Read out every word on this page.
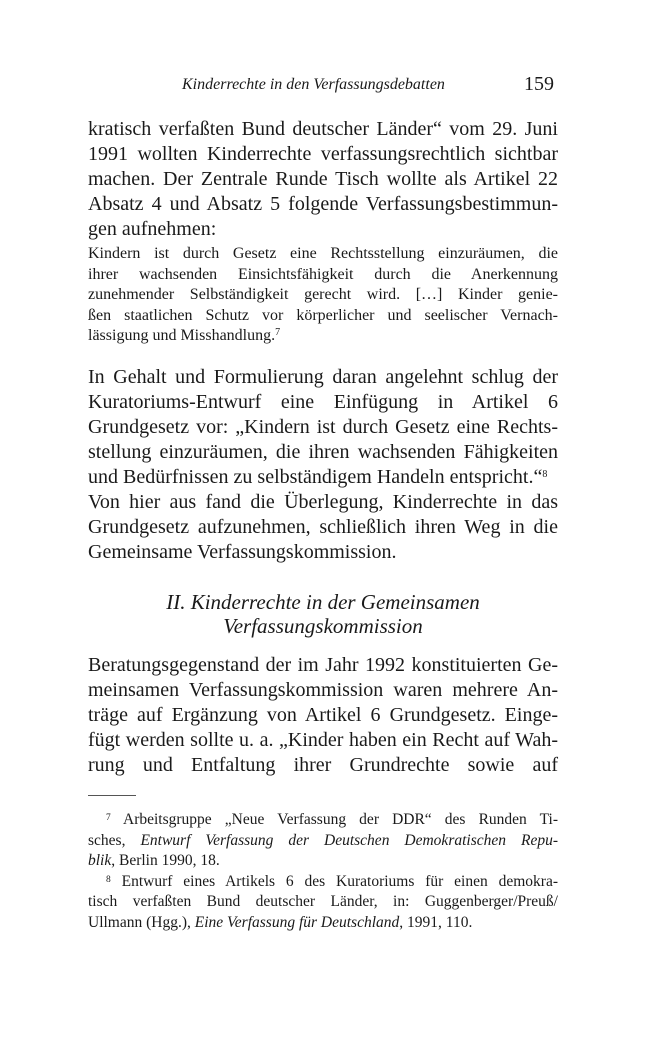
Kinderrechte in den Verfassungsdebatten	159
kratisch verfaßten Bund deutscher Länder“ vom 29. Juni
1991 wollten Kinderrechte verfassungsrechtlich sichtbar
machen. Der Zentrale Runde Tisch wollte als Artikel 22
Absatz 4 und Absatz 5 folgende Verfassungsbestimmun-
gen aufnehmen:
Kindern ist durch Gesetz eine Rechtsstellung einzuräumen, die
ihrer wachsenden Einsichtsfähigkeit durch die Anerkennung
zunehmender Selbständigkeit gerecht wird. […] Kinder genie-
ßen staatlichen Schutz vor körperlicher und seelischer Vernach-
lässigung und Misshandlung.$^7$
In Gehalt und Formulierung daran angelehnt schlug der
Kuratoriums-Entwurf eine Einfügung in Artikel 6
Grundgesetz vor: „Kindern ist durch Gesetz eine Rechts-
stellung einzuräumen, die ihren wachsenden Fähigkeiten
und Bedürfnissen zu selbständigem Handeln entspricht.“$^8$
Von hier aus fand die Überlegung, Kinderrechte in das
Grundgesetz aufzunehmen, schließlich ihren Weg in die
Gemeinsame Verfassungskommission.
II. Kinderrechte in der Gemeinsamen
Verfassungskommission
Beratungsgegenstand der im Jahr 1992 konstituierten Ge-
meinsamen Verfassungskommission waren mehrere An-
träge auf Ergänzung von Artikel 6 Grundgesetz. Einge-
fügt werden sollte u. a. „Kinder haben ein Recht auf Wah-
rung und Entfaltung ihrer Grundrechte sowie auf
$^7$ Arbeitsgruppe „Neue Verfassung der DDR“ des Runden Ti-
sches, Entwurf Verfassung der Deutschen Demokratischen Repu-
blik, Berlin 1990, 18.
$^8$ Entwurf eines Artikels 6 des Kuratoriums für einen demokra-
tisch verfaßten Bund deutscher Länder, in: Guggenberger/Preuß/
Ullmann (Hgg.), Eine Verfassung für Deutschland, 1991, 110.
